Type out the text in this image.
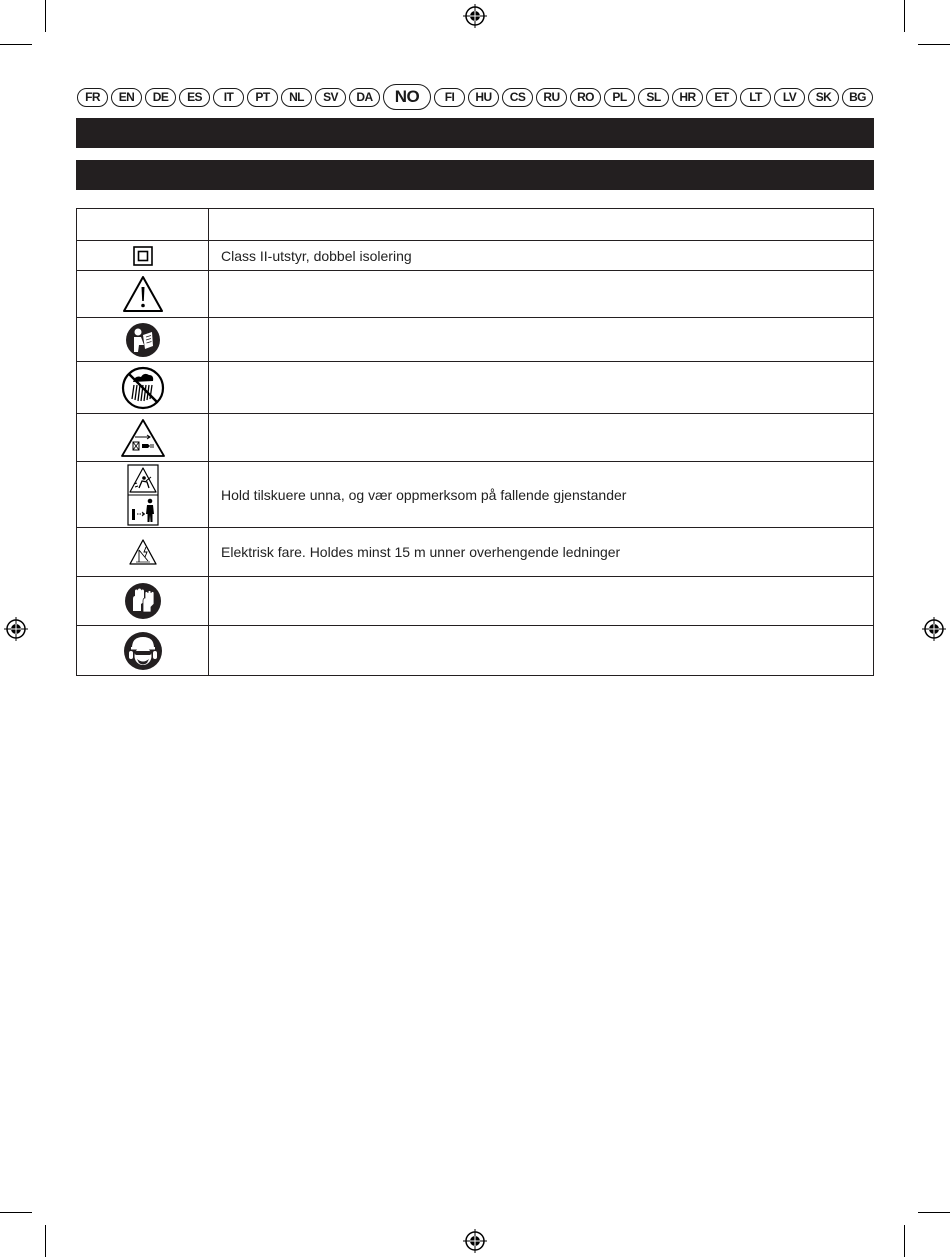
FR	EN	DE	ES	IT	PT	NL	SV	DA	NO	FI	HU	CS	RU	RO	PL	SL	HR	ET	LT	LV	SK	BG

	Class II-utstyr, dobbel isolering

	Hold tilskuere unna, og vær oppmerksom på fallende gjenstander

	Elektrisk fare. Holdes minst 15 m unner overhengende ledninger
